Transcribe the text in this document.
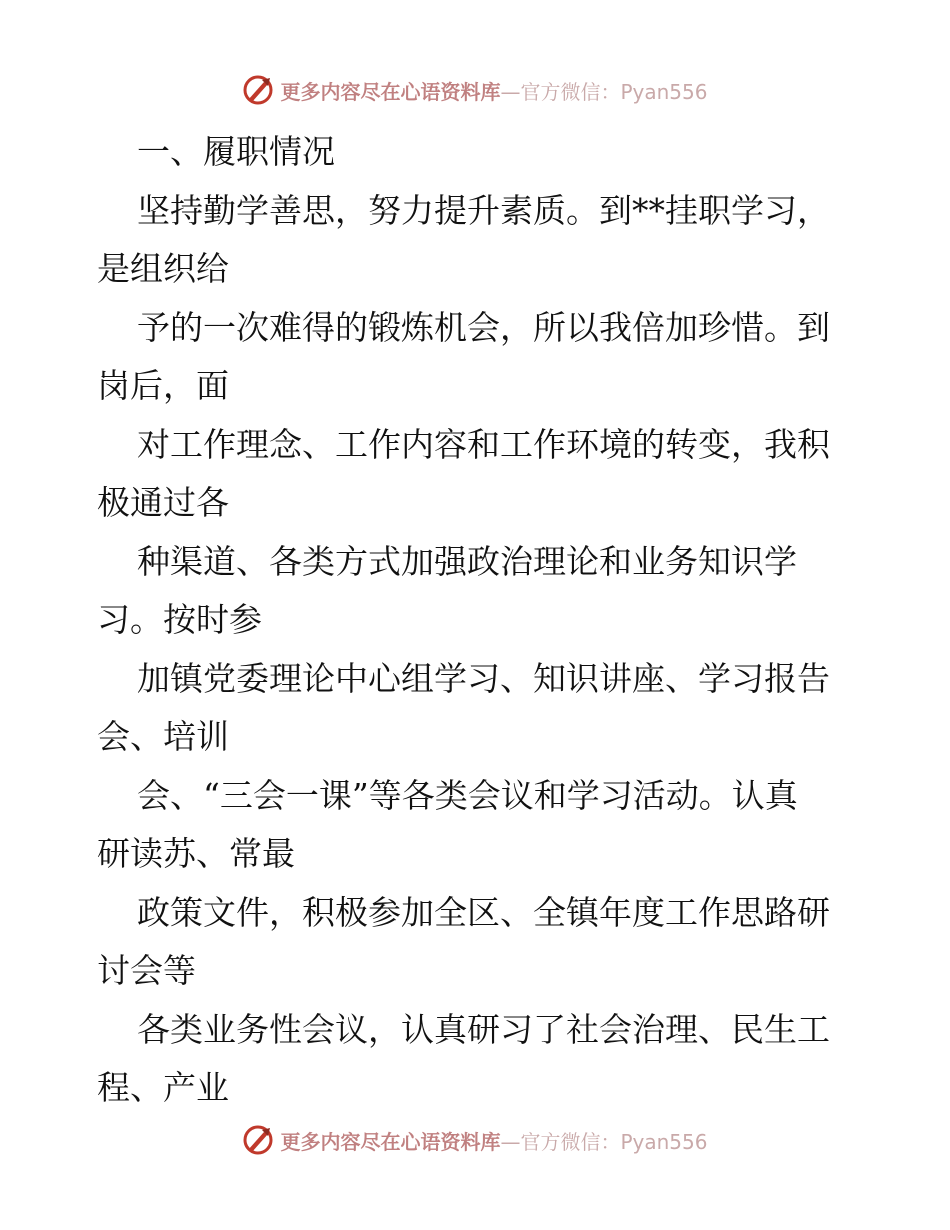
更多内容尽在心语资料库—官方微信：Pyan556
一、履职情况
坚持勤学善思，努力提升素质。到**挂职学习，
是组织给
予的一次难得的锻炼机会，所以我倍加珍惜。到
岗后，面
对工作理念、工作内容和工作环境的转变，我积
极通过各
种渠道、各类方式加强政治理论和业务知识学
习。按时参
加镇党委理论中心组学习、知识讲座、学习报告
会、培训
会、“三会一课”等各类会议和学习活动。认真
研读苏、常最
政策文件，积极参加全区、全镇年度工作思路研
讨会等
各类业务性会议，认真研习了社会治理、民生工
程、产业
更多内容尽在心语资料库—官方微信：Pyan556
